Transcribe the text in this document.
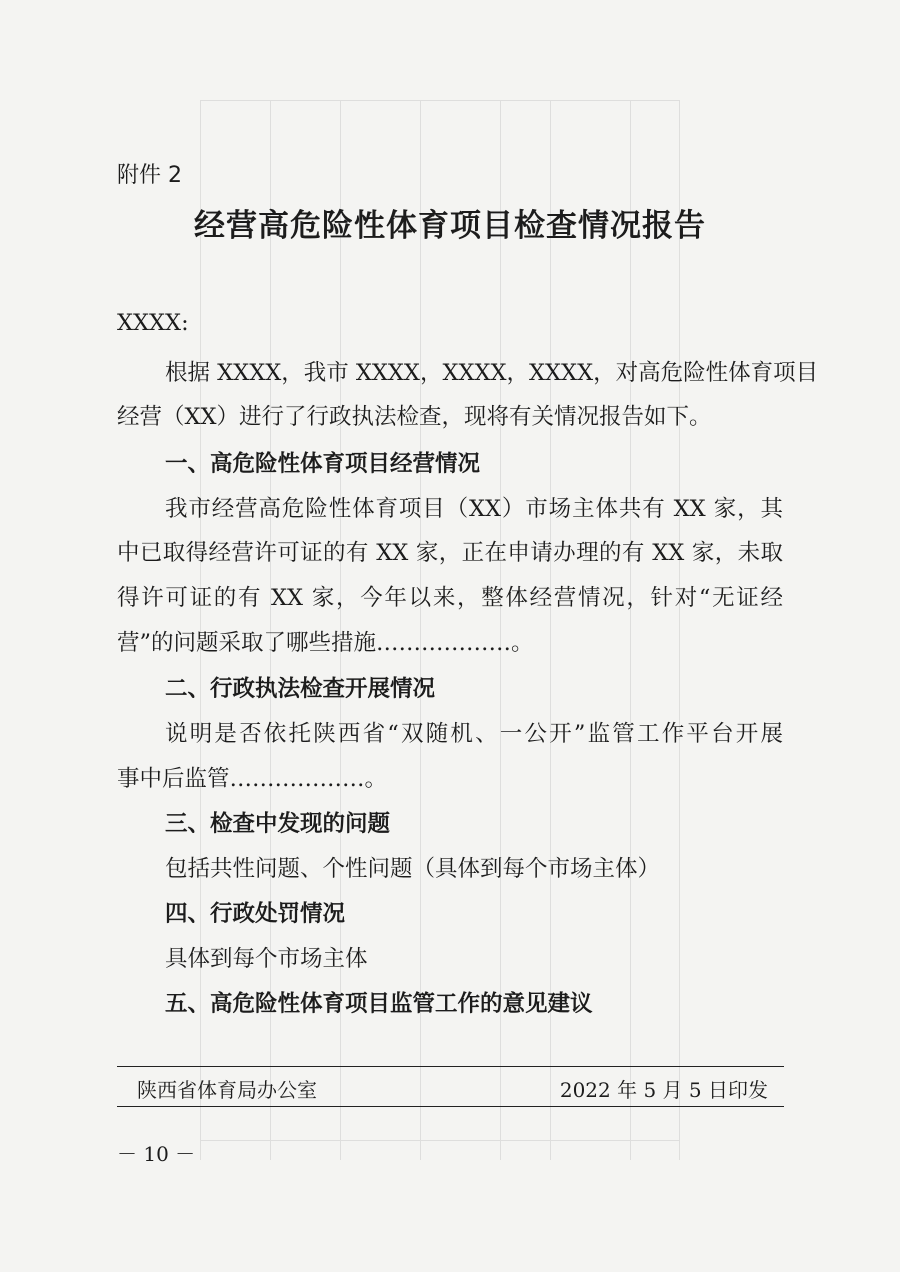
附件 2
经营高危险性体育项目检查情况报告
XXXX:
根据 XXXX，我市 XXXX，XXXX，XXXX，对高危险性体育项目
经营（XX）进行了行政执法检查，现将有关情况报告如下。
一、高危险性体育项目经营情况
我市经营高危险性体育项目（XX）市场主体共有 XX 家，其
中已取得经营许可证的有 XX 家，正在申请办理的有 XX 家，未取
得许可证的有 XX 家，今年以来，整体经营情况，针对“无证经
营”的问题采取了哪些措施………………。
二、行政执法检查开展情况
说明是否依托陕西省“双随机、一公开”监管工作平台开展
事中后监管………………。
三、检查中发现的问题
包括共性问题、个性问题（具体到每个市场主体）
四、行政处罚情况
具体到每个市场主体
五、高危险性体育项目监管工作的意见建议
陕西省体育局办公室	2022 年 5 月 5 日印发
－ 10 －
